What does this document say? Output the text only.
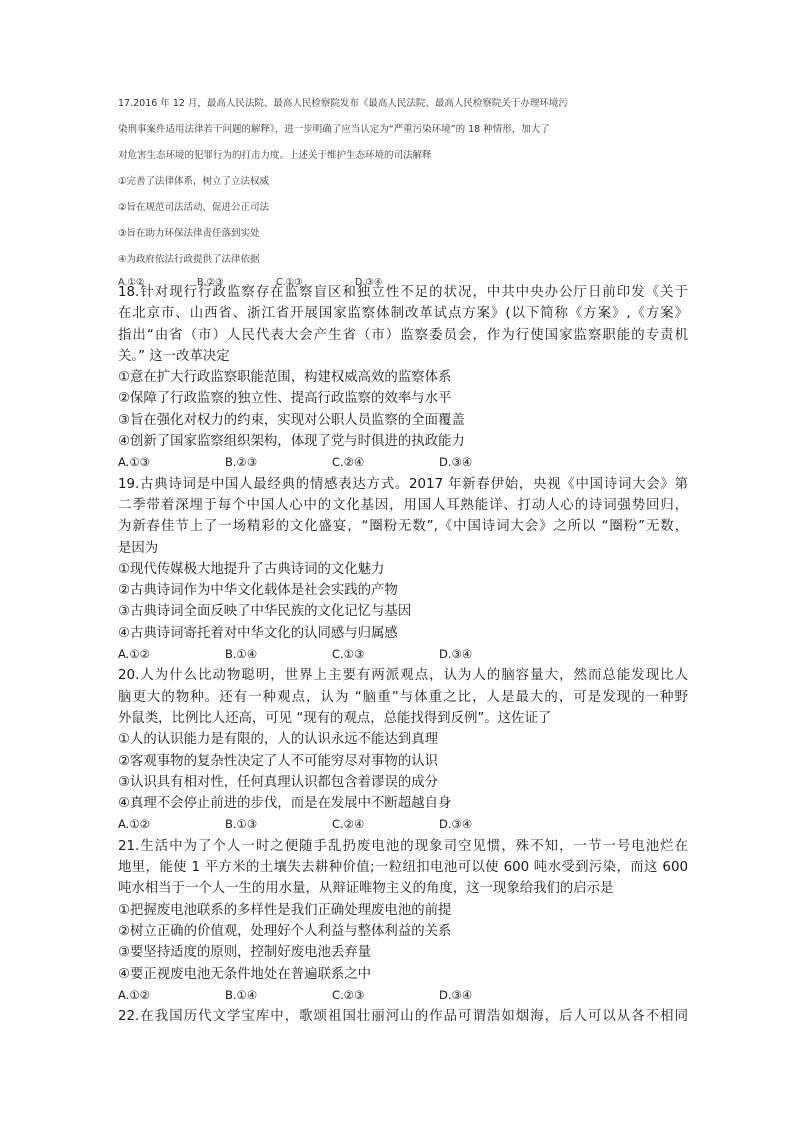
17.2016 年 12 月，最高人民法院、最高人民检察院发布《最高人民法院、最高人民检察院关于办理环境污
染刑事案件适用法律若干问题的解释》，进一步明确了应当认定为“严重污染环境”的 18 种情形，加大了
对危害生态环境的犯罪行为的打击力度。上述关于维护生态环境的司法解释
①完善了法律体系，树立了立法权威
②旨在规范司法活动，促进公正司法
③旨在助力环保法律责任落到实处
④为政府依法行政提供了法律依据
A.①②	B.②③	C.①③	D.③④
18.针对现行行政监察存在监察盲区和独立性不足的状况，中共中央办公厅日前印发《关于
在北京市、山西省、浙江省开展国家监察体制改革试点方案》(以下简称《方案》,《方案》
指出“由省（市）人民代表大会产生省（市）监察委员会，作为行使国家监察职能的专责机
关。” 这一改革决定
①意在扩大行政监察职能范围，构建权威高效的监察体系
②保障了行政监察的独立性、提高行政监察的效率与水平
③旨在强化对权力的约束，实现对公职人员监察的全面覆盖
④创新了国家监察组织架构，体现了党与时俱进的执政能力
A.①③	B.②③	C.②④	D.③④
19.古典诗词是中国人最经典的情感表达方式。2017 年新春伊始，央视《中国诗词大会》第
二季带着深埋于每个中国人心中的文化基因，用国人耳熟能详、打动人心的诗词强势回归，
为新春佳节上了一场精彩的文化盛宴，“圈粉无数”,《中国诗词大会》之所以 “圈粉”无数，
是因为
①现代传媒极大地提升了古典诗词的文化魅力
②古典诗词作为中华文化载体是社会实践的产物
③古典诗词全面反映了中华民族的文化记忆与基因
④古典诗词寄托着对中华文化的认同感与归属感
A.①②	B.①④	C.①③	D.③④
20.人为什么比动物聪明，世界上主要有两派观点，认为人的脑容量大，然而总能发现比人
脑更大的物种。还有一种观点，认为 “脑重”与体重之比，人是最大的，可是发现的一种野
外鼠类，比例比人还高，可见 “现有的观点，总能找得到反例”。这佐证了
①人的认识能力是有限的，人的认识永远不能达到真理
②客观事物的复杂性决定了人不可能穷尽对事物的认识
③认识具有相对性，任何真理认识都包含着谬误的成分
④真理不会停止前进的步伐，而是在发展中不断超越自身
A.①②	B.①③	C.②④	D.③④
21.生活中为了个人一时之便随手乱扔废电池的现象司空见惯，殊不知，一节一号电池烂在
地里，能使 1 平方米的土壤失去耕种价值;一粒纽扣电池可以使 600 吨水受到污染，而这 600
吨水相当于一个人一生的用水量，从辩证唯物主义的角度，这一现象给我们的启示是
①把握废电池联系的多样性是我们正确处理废电池的前提
②树立正确的价值观，处理好个人利益与整体利益的关系
③要坚持适度的原则，控制好废电池丢弃量
④要正视废电池无条件地处在普遍联系之中
A.①②	B.①④	C.②③	D.③④
22.在我国历代文学宝库中，歌颂祖国壮丽河山的作品可谓浩如烟海，后人可以从各不相同
